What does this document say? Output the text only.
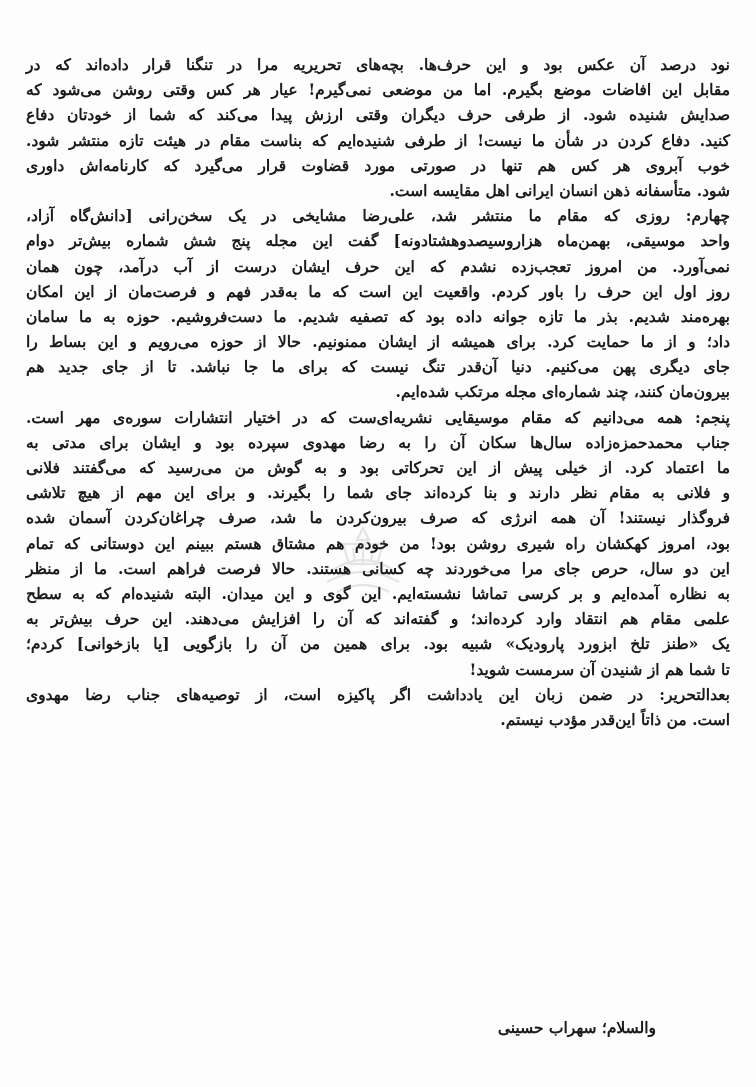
نود درصد آن عکس بود و این حرف‌ها. بچه‌های تحریریه مرا در تنگنا قرار داده‌اند که در
مقابل این افاضات موضع بگیرم. اما من موضعی نمی‌گیرم! عیار هر کس وقتی روشن می‌شود که
صدایش شنیده شود. از طرفی حرف دیگران وقتی ارزش پیدا می‌کند که شما از خودتان دفاع
کنید. دفاع کردن در شأن ما نیست! از طرفی شنیده‌ایم که بناست مقام در هیئت تازه منتشر شود.
خوب آبروی هر کس هم تنها در صورتی مورد قضاوت قرار می‌گیرد که کارنامه‌اش داوری
شود. متأسفانه ذهن انسان ایرانی اهل مقایسه است.
چهارم: روزی که مقام ما منتشر شد، علی‌رضا مشایخی در یک سخن‌رانی [دانش‌گاه آزاد،
واحد موسیقی، بهمن‌ماه هزاروسیصدوهشتادونه] گفت این مجله پنج شش شماره بیش‌تر دوام
نمی‌آورد. من امروز تعجب‌زده نشدم که این حرف ایشان درست از آب درآمد، چون همان
روز اول این حرف را باور کردم. واقعیت این است که ما به‌قدر فهم و فرصت‌مان از این امکان
بهره‌مند شدیم. بذر ما تازه جوانه داده بود که تصفیه شدیم. ما دست‌فروشیم. حوزه به ما سامان
داد؛ و از ما حمایت کرد. برای همیشه از ایشان ممنونیم. حالا از حوزه می‌رویم و این بساط را
جای دیگری پهن می‌کنیم. دنیا آن‌قدر تنگ نیست که برای ما جا نباشد. تا از جای جدید هم
بیرون‌مان کنند، چند شماره‌ای مجله مرتکب شده‌ایم.
پنجم: همه می‌دانیم که مقام موسیقایی نشریه‌ای‌ست که در اختیار انتشارات سوره‌ی مهر است.
جناب محمدحمزه‌زاده سال‌ها سکان آن را به رضا مهدوی سپرده بود و ایشان برای مدتی به
ما اعتماد کرد. از خیلی پیش از این تحرکاتی بود و به گوش من می‌رسید که می‌گفتند فلانی
و فلانی به مقام نظر دارند و بنا کرده‌اند جای شما را بگیرند. و برای این مهم از هیچ تلاشی
فروگذار نیستند! آن همه انرژی که صرف بیرون‌کردن ما شد، صرف چراغان‌کردن آسمان شده
بود، امروز کهکشان راه شیری روشن بود! من خودم هم مشتاق هستم ببینم این دوستانی که تمام
این دو سال، حرص جای مرا می‌خوردند چه کسانی هستند. حالا فرصت فراهم است. ما از منظر
به نظاره آمده‌ایم و بر کرسی تماشا نشسته‌ایم. این گوی و این میدان. البته شنیده‌ام که به سطح
علمی مقام هم انتقاد وارد کرده‌اند؛ و گفته‌اند که آن را افزایش می‌دهند. این حرف بیش‌تر به
یک «طنز تلخ ابزورد پارودیک» شبیه بود. برای همین من آن را بازگویی [یا بازخوانی] کردم؛
تا شما هم از شنیدن آن سرمست شوید!
بعدالتحریر: در ضمن زبان این یادداشت اگر پاکیزه است، از توصیه‌های جناب رضا مهدوی
است. من ذاتاً این‌قدر مؤدب نیستم.
والسلام؛ سهراب حسینی
